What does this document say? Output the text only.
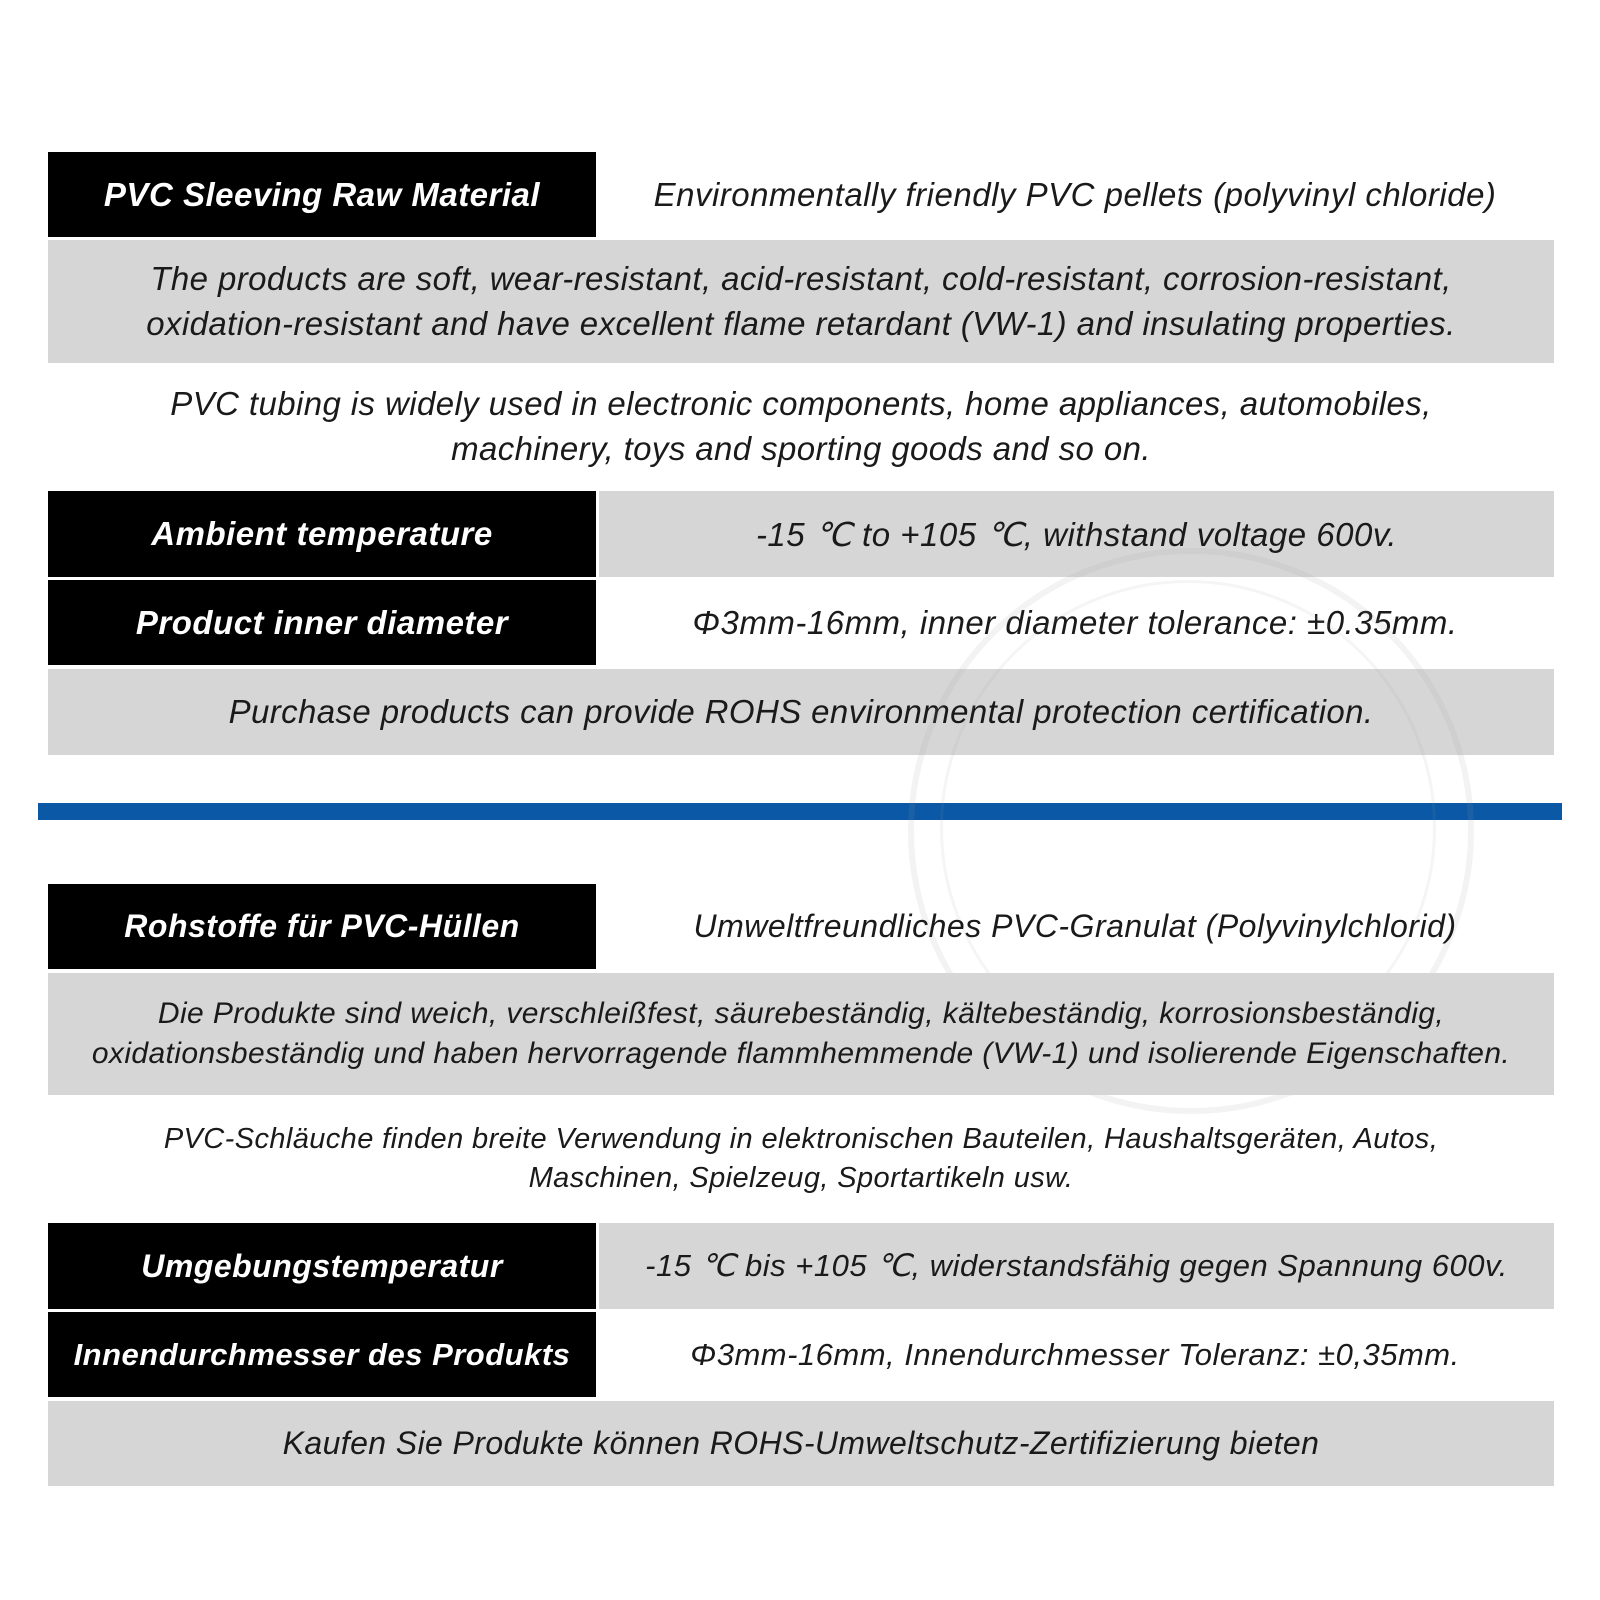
PVC Sleeving Raw Material	Environmentally friendly PVC pellets (polyvinyl chloride)
The products are soft, wear-resistant, acid-resistant, cold-resistant, corrosion-resistant,
oxidation-resistant and have excellent flame retardant (VW-1) and insulating properties.
PVC tubing is widely used in electronic components, home appliances, automobiles,
machinery, toys and sporting goods and so on.
Ambient temperature	-15 ℃ to +105 ℃, withstand voltage 600v.
Product inner diameter	Φ3mm-16mm, inner diameter tolerance: ±0.35mm.
Purchase products can provide ROHS environmental protection certification.
Rohstoffe für PVC-Hüllen	Umweltfreundliches PVC-Granulat (Polyvinylchlorid)
Die Produkte sind weich, verschleißfest, säurebeständig, kältebeständig, korrosionsbeständig,
oxidationsbeständig und haben hervorragende flammhemmende (VW-1) und isolierende Eigenschaften.
PVC-Schläuche finden breite Verwendung in elektronischen Bauteilen, Haushaltsgeräten, Autos,
Maschinen, Spielzeug, Sportartikeln usw.
Umgebungstemperatur	-15 ℃ bis +105 ℃, widerstandsfähig gegen Spannung 600v.
Innendurchmesser des Produkts	Φ3mm-16mm, Innendurchmesser Toleranz: ±0,35mm.
Kaufen Sie Produkte können ROHS-Umweltschutz-Zertifizierung bieten
